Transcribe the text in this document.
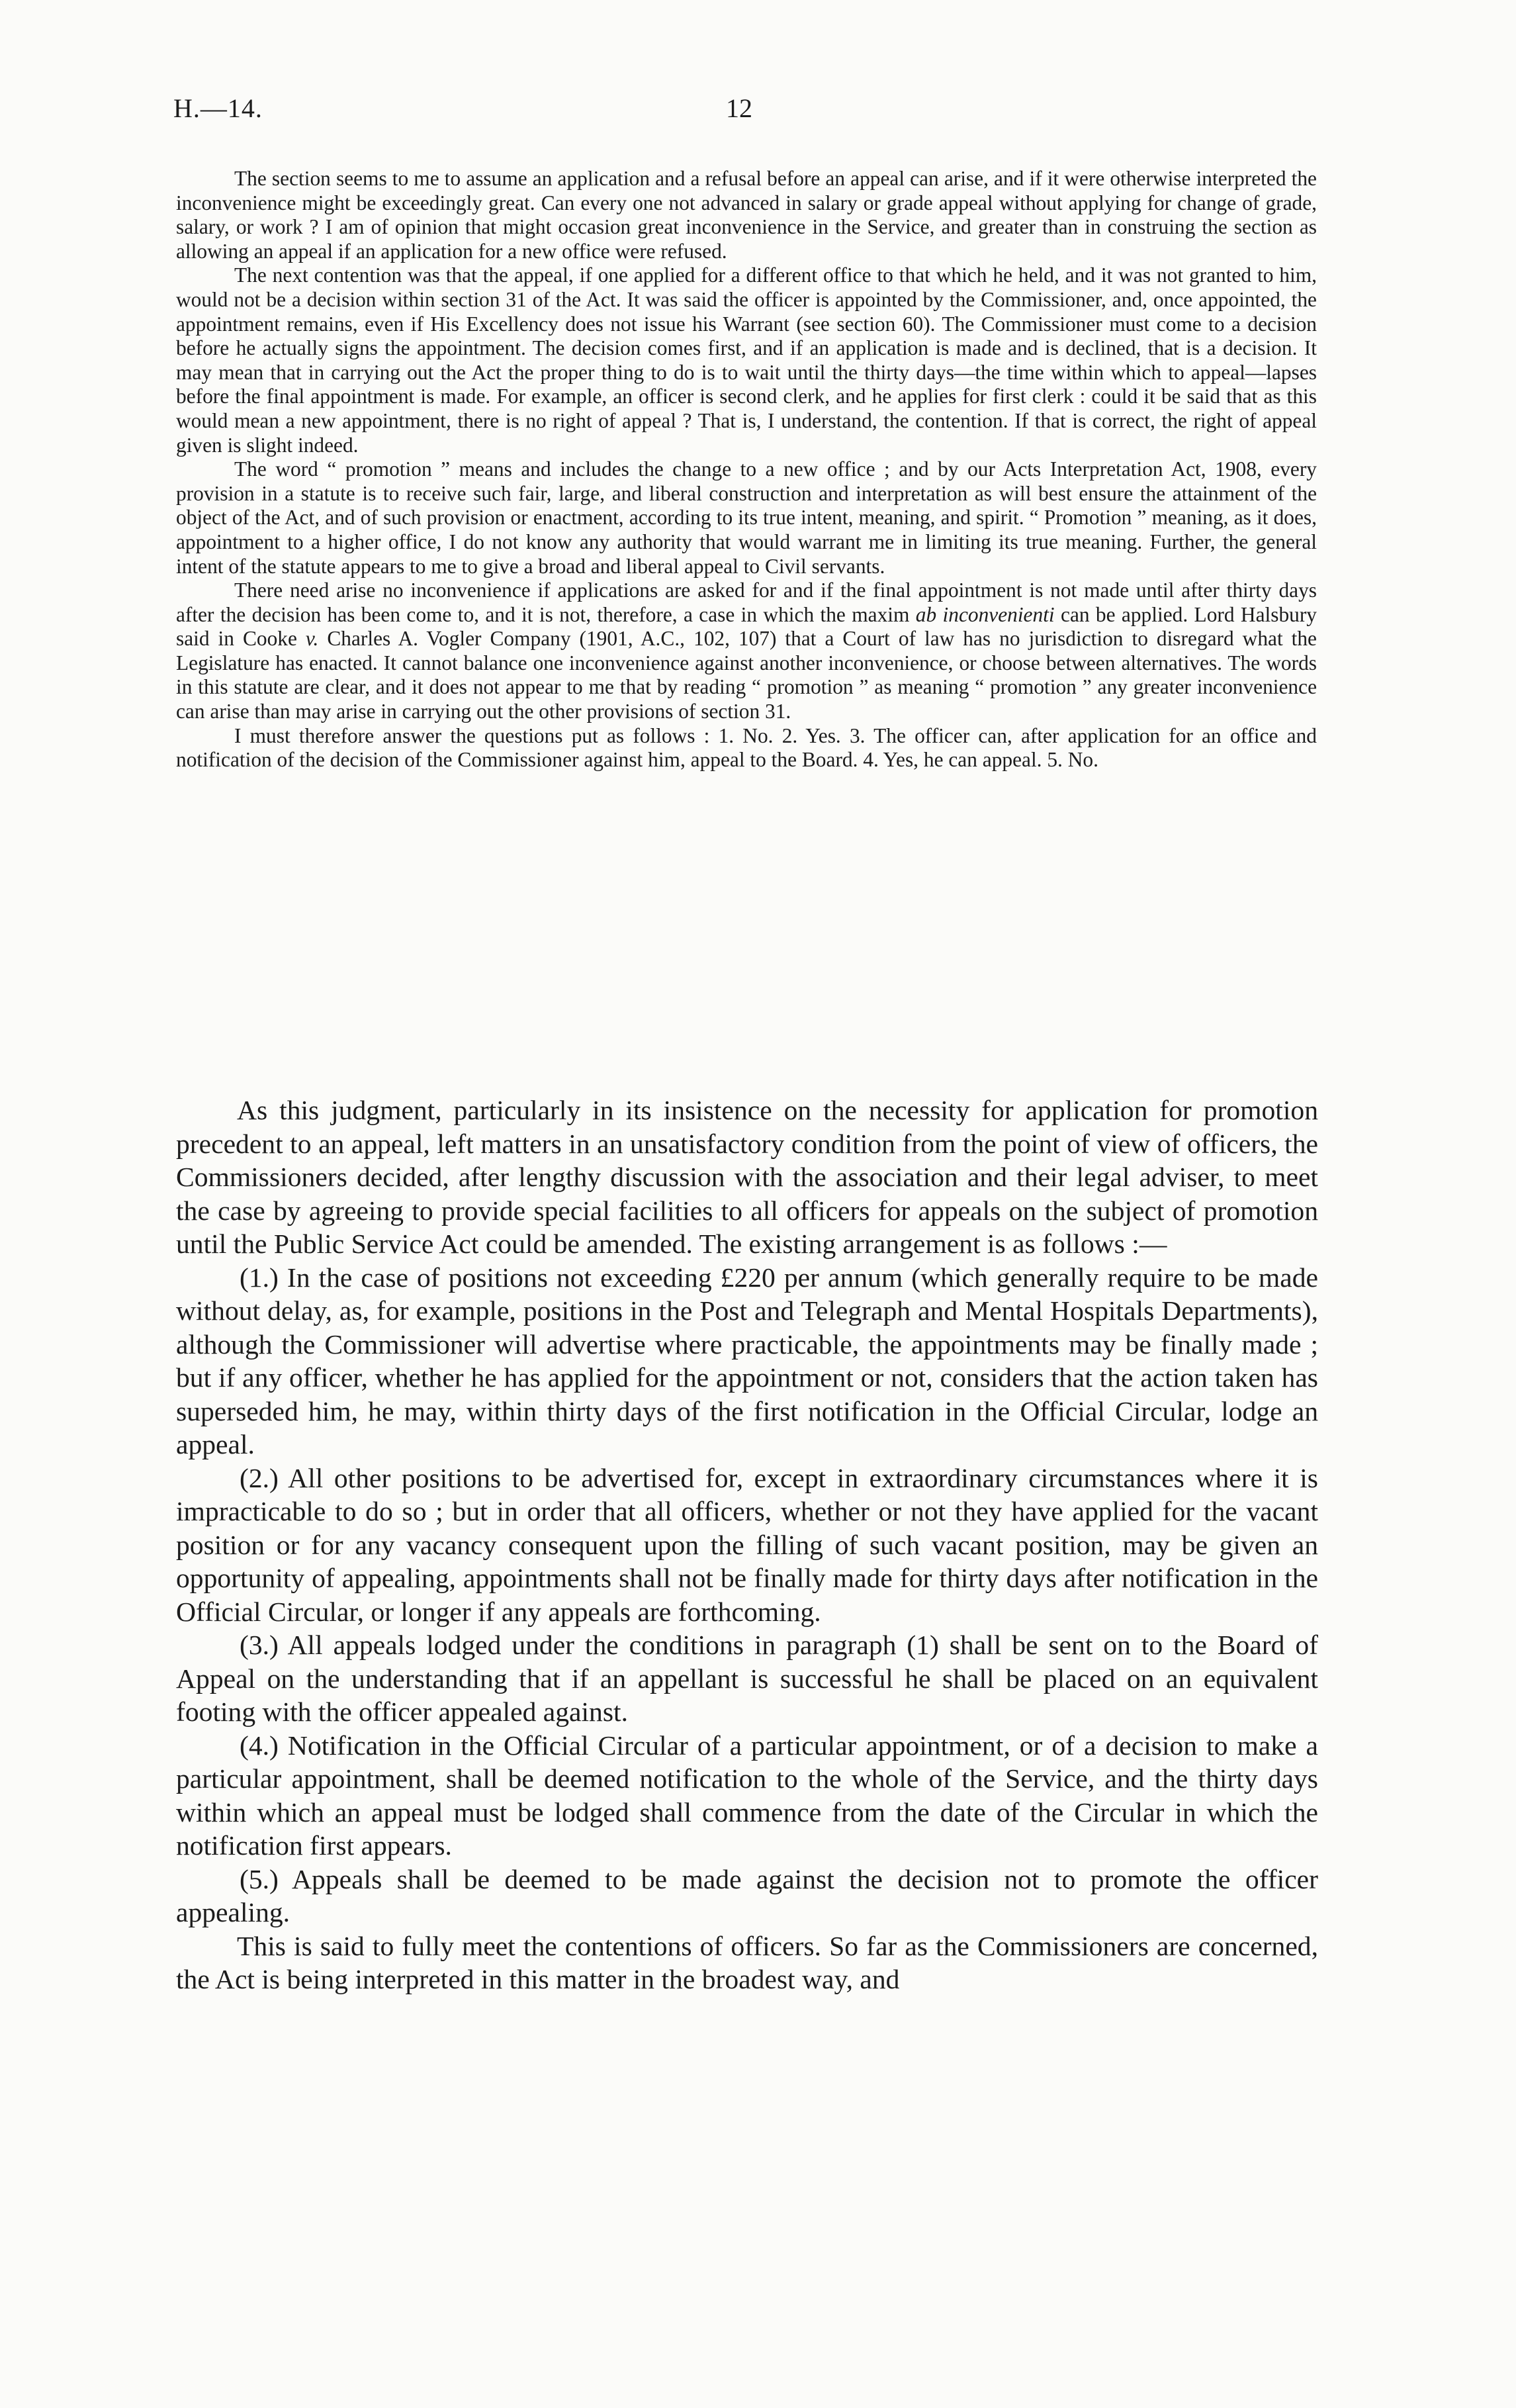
H.—14.	12

The section seems to me to assume an application and a refusal before an appeal can arise, and if it were otherwise interpreted the inconvenience might be exceedingly great. Can every one not advanced in salary or grade appeal without applying for change of grade, salary, or work ? I am of opinion that might occasion great inconvenience in the Service, and greater than in construing the section as allowing an appeal if an application for a new office were refused.

The next contention was that the appeal, if one applied for a different office to that which he held, and it was not granted to him, would not be a decision within section 31 of the Act. It was said the officer is appointed by the Commissioner, and, once appointed, the appointment remains, even if His Excellency does not issue his Warrant (see section 60). The Commissioner must come to a decision before he actually signs the appointment. The decision comes first, and if an application is made and is declined, that is a decision. It may mean that in carrying out the Act the proper thing to do is to wait until the thirty days—the time within which to appeal—lapses before the final appointment is made. For example, an officer is second clerk, and he applies for first clerk : could it be said that as this would mean a new appointment, there is no right of appeal ? That is, I understand, the contention. If that is correct, the right of appeal given is slight indeed.

The word “ promotion ” means and includes the change to a new office ; and by our Acts Interpretation Act, 1908, every provision in a statute is to receive such fair, large, and liberal construction and interpretation as will best ensure the attainment of the object of the Act, and of such provision or enactment, according to its true intent, meaning, and spirit. “ Promotion ” meaning, as it does, appointment to a higher office, I do not know any authority that would warrant me in limiting its true meaning. Further, the general intent of the statute appears to me to give a broad and liberal appeal to Civil servants.

There need arise no inconvenience if applications are asked for and if the final appointment is not made until after thirty days after the decision has been come to, and it is not, therefore, a case in which the maxim ab inconvenienti can be applied. Lord Halsbury said in Cooke v. Charles A. Vogler Company (1901, A.C., 102, 107) that a Court of law has no jurisdiction to disregard what the Legislature has enacted. It cannot balance one inconvenience against another inconvenience, or choose between alternatives. The words in this statute are clear, and it does not appear to me that by reading “ promotion ” as meaning “ promotion ” any greater inconvenience can arise than may arise in carrying out the other provisions of section 31.

I must therefore answer the questions put as follows : 1. No. 2. Yes. 3. The officer can, after application for an office and notification of the decision of the Commissioner against him, appeal to the Board. 4. Yes, he can appeal. 5. No.

As this judgment, particularly in its insistence on the necessity for application for promotion precedent to an appeal, left matters in an unsatisfactory condition from the point of view of officers, the Commissioners decided, after lengthy discussion with the association and their legal adviser, to meet the case by agreeing to provide special facilities to all officers for appeals on the subject of promotion until the Public Service Act could be amended. The existing arrangement is as follows :—

(1.) In the case of positions not exceeding £220 per annum (which generally require to be made without delay, as, for example, positions in the Post and Telegraph and Mental Hospitals Departments), although the Commissioner will advertise where practicable, the appointments may be finally made ; but if any officer, whether he has applied for the appointment or not, considers that the action taken has superseded him, he may, within thirty days of the first notification in the Official Circular, lodge an appeal.

(2.) All other positions to be advertised for, except in extraordinary circumstances where it is impracticable to do so ; but in order that all officers, whether or not they have applied for the vacant position or for any vacancy consequent upon the filling of such vacant position, may be given an opportunity of appealing, appointments shall not be finally made for thirty days after notification in the Official Circular, or longer if any appeals are forthcoming.

(3.) All appeals lodged under the conditions in paragraph (1) shall be sent on to the Board of Appeal on the understanding that if an appellant is successful he shall be placed on an equivalent footing with the officer appealed against.

(4.) Notification in the Official Circular of a particular appointment, or of a decision to make a particular appointment, shall be deemed notification to the whole of the Service, and the thirty days within which an appeal must be lodged shall commence from the date of the Circular in which the notification first appears.

(5.) Appeals shall be deemed to be made against the decision not to promote the officer appealing.

This is said to fully meet the contentions of officers. So far as the Commissioners are concerned, the Act is being interpreted in this matter in the broadest way, and
